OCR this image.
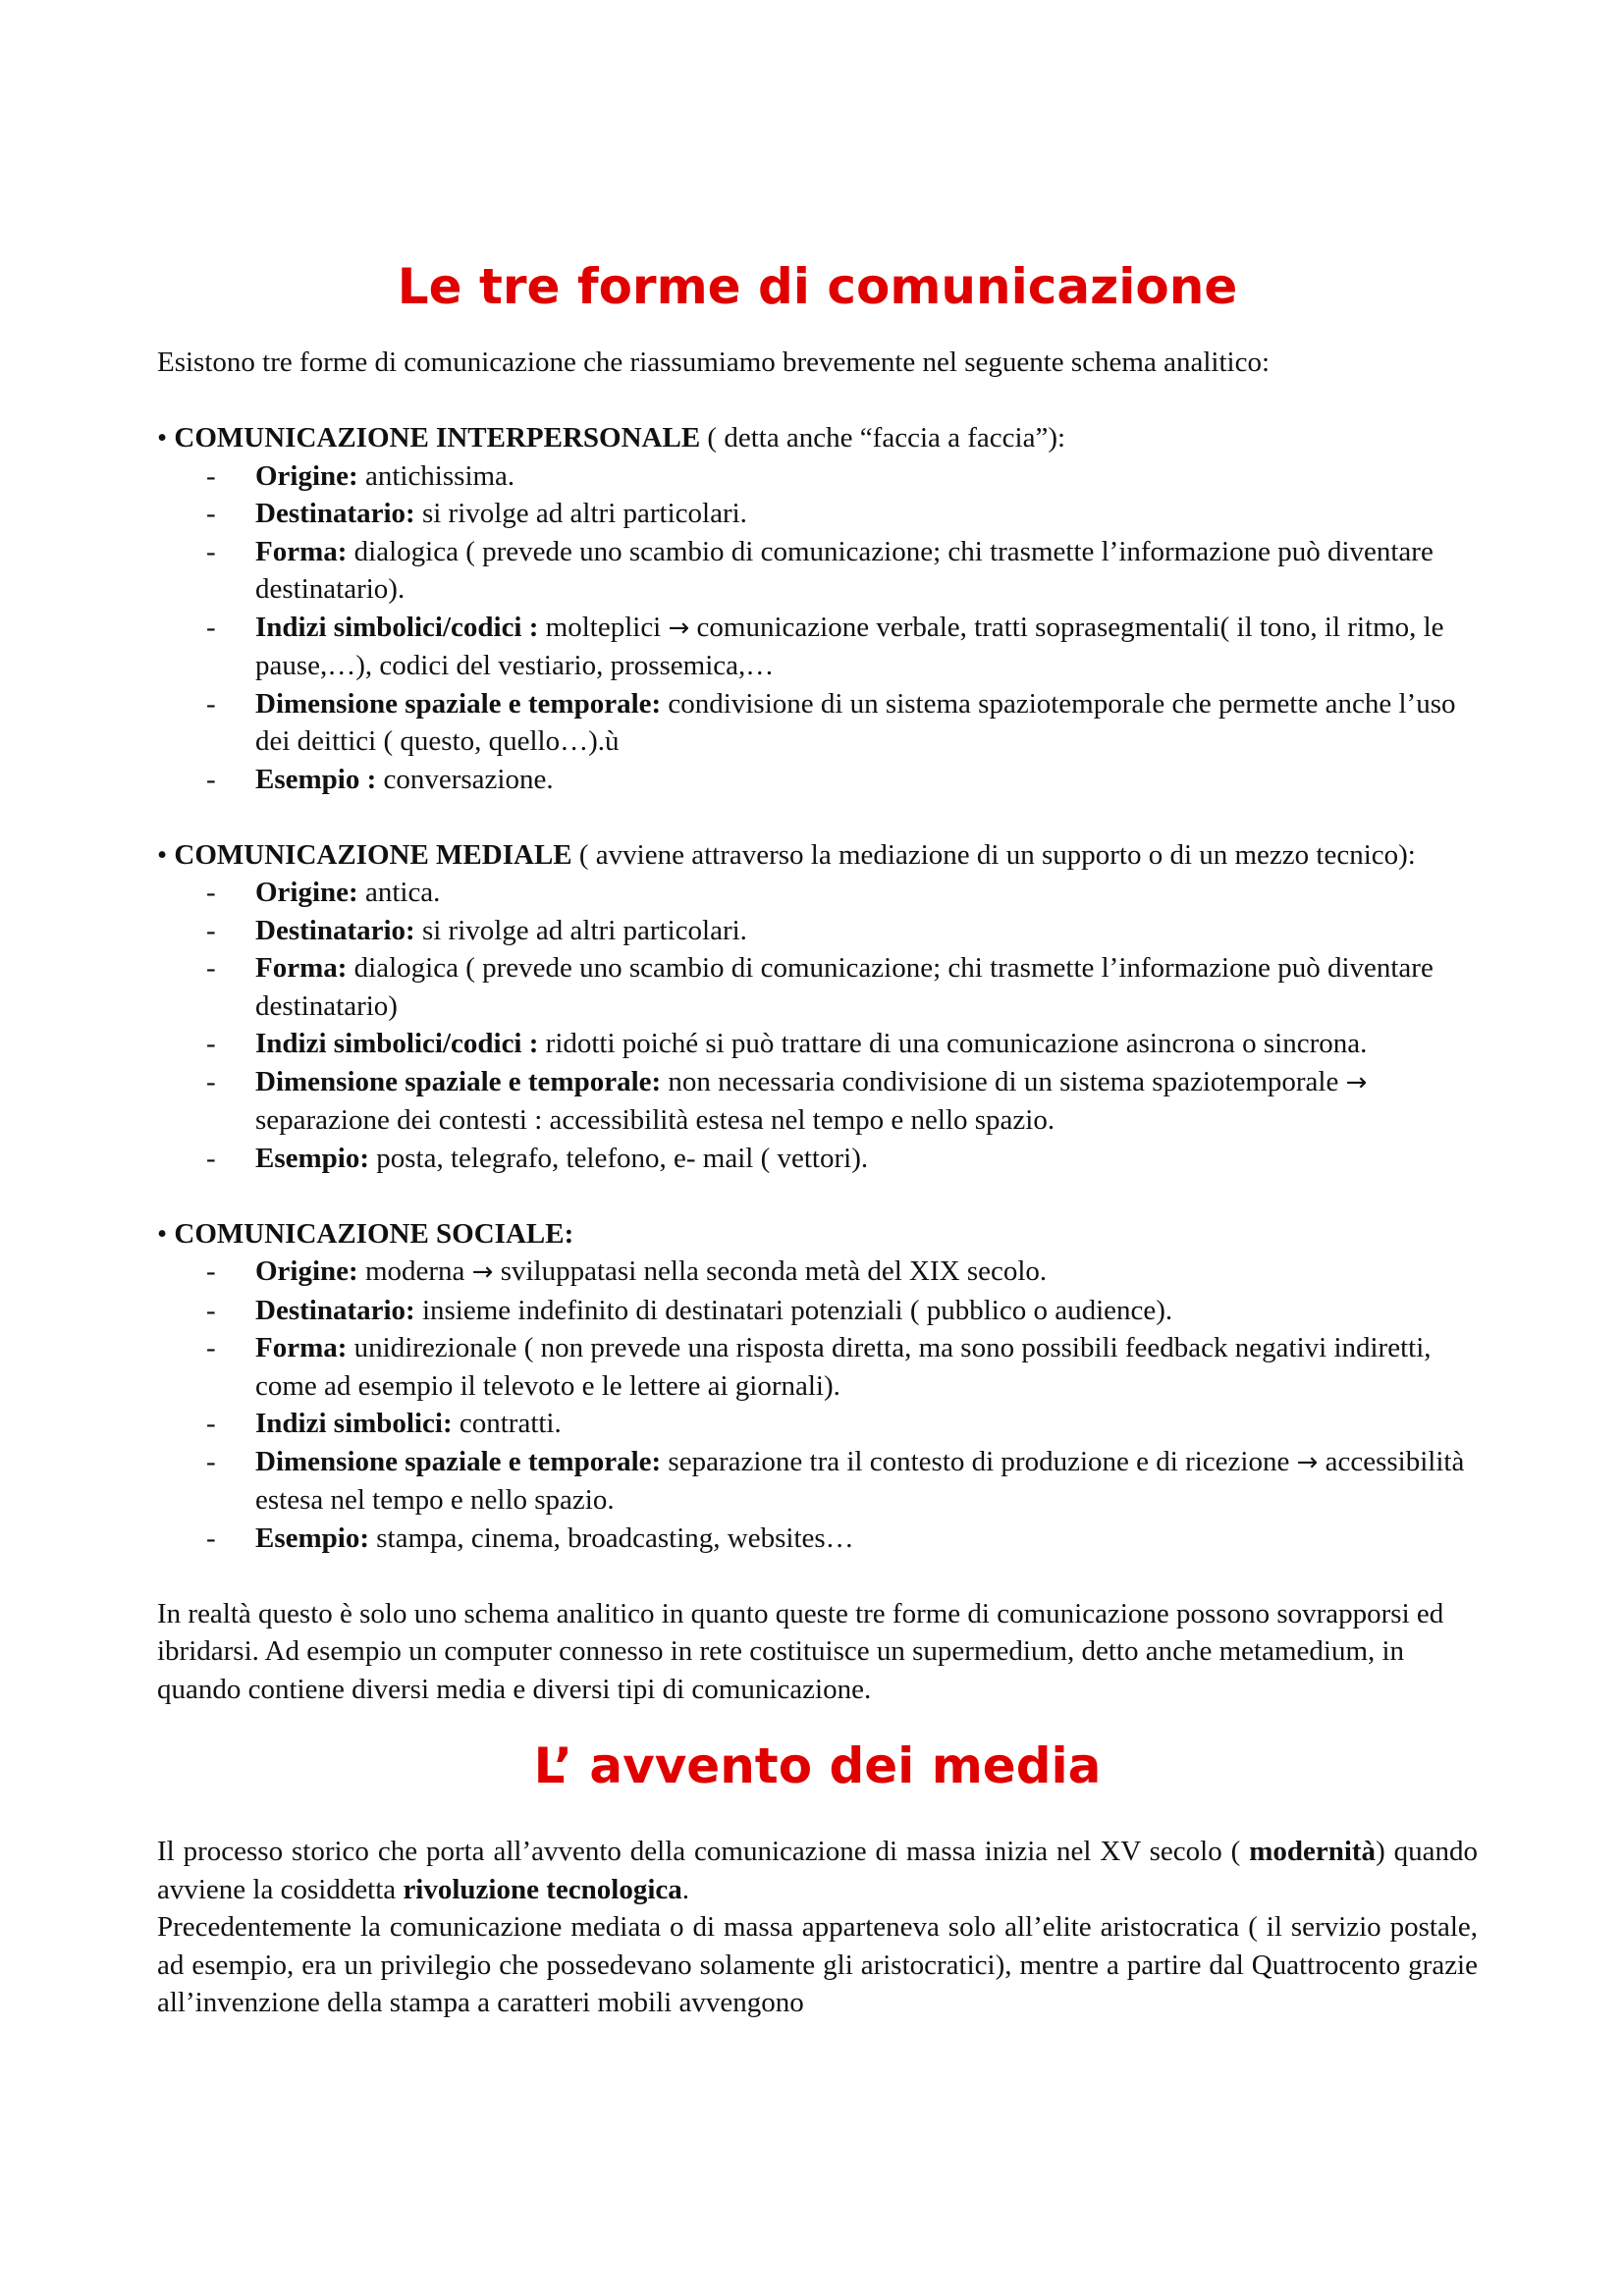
Le tre forme di comunicazione

Esistono tre forme di comunicazione che riassumiamo brevemente nel seguente schema analitico:

• COMUNICAZIONE INTERPERSONALE ( detta anche “faccia a faccia”):

- Origine: antichissima.
- Destinatario: si rivolge ad altri particolari.
- Forma: dialogica ( prevede uno scambio di comunicazione; chi trasmette l’informazione può diventare destinatario).
- Indizi simbolici/codici : molteplici → comunicazione verbale, tratti soprasegmentali( il tono, il ritmo, le pause,…), codici del vestiario, prossemica,…
- Dimensione spaziale e temporale: condivisione di un sistema spaziotemporale che permette anche l’uso dei deittici ( questo, quello…).ù
- Esempio : conversazione.

• COMUNICAZIONE MEDIALE ( avviene attraverso la mediazione di un supporto o di un mezzo tecnico):

- Origine: antica.
- Destinatario: si rivolge ad altri particolari.
- Forma: dialogica ( prevede uno scambio di comunicazione; chi trasmette l’informazione può diventare destinatario)
- Indizi simbolici/codici : ridotti poiché si può trattare di una comunicazione asincrona o sincrona.
- Dimensione spaziale e temporale: non necessaria condivisione di un sistema spaziotemporale → separazione dei contesti : accessibilità estesa nel tempo e nello spazio.
- Esempio: posta, telegrafo, telefono, e- mail ( vettori).

• COMUNICAZIONE SOCIALE:

- Origine: moderna → sviluppatasi nella seconda metà del XIX secolo.
- Destinatario: insieme indefinito di destinatari potenziali ( pubblico o audience).
- Forma: unidirezionale ( non prevede una risposta diretta, ma sono possibili feedback negativi indiretti, come ad esempio il televoto e le lettere ai giornali).
- Indizi simbolici: contratti.
- Dimensione spaziale e temporale: separazione tra il contesto di produzione e di ricezione → accessibilità estesa nel tempo e nello spazio.
- Esempio: stampa, cinema, broadcasting, websites…

In realtà questo è solo uno schema analitico in quanto queste tre forme di comunicazione possono sovrapporsi ed ibridarsi. Ad esempio un computer connesso in rete costituisce un supermedium, detto anche metamedium, in quando contiene diversi media e diversi tipi di comunicazione.

L’ avvento dei media

Il processo storico che porta all’avvento della comunicazione di massa inizia nel XV secolo ( modernità) quando avviene la cosiddetta rivoluzione tecnologica.

Precedentemente la comunicazione mediata o di massa apparteneva solo all’elite aristocratica ( il servizio postale, ad esempio, era un privilegio che possedevano solamente gli aristocratici), mentre a partire dal Quattrocento grazie all’invenzione della stampa a caratteri mobili avvengono
